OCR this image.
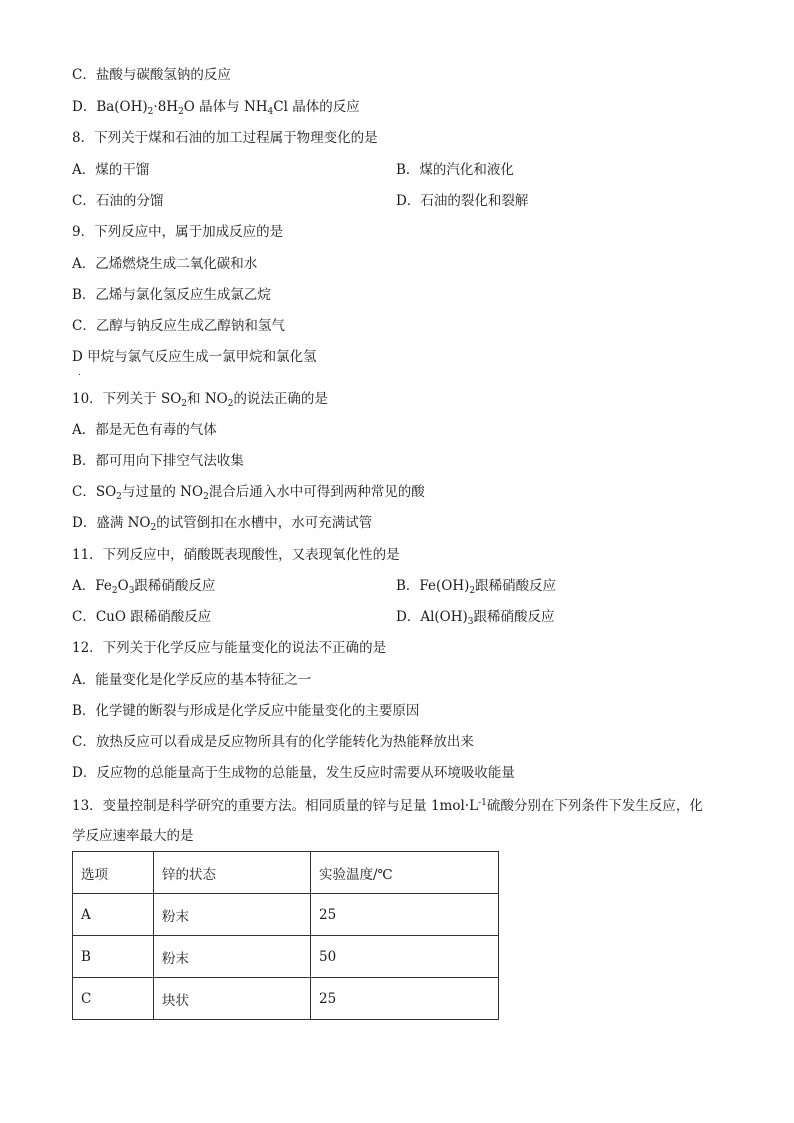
C．盐酸与碳酸氢钠的反应
D．$Ba(OH)_2\cdot 8H_2O$ 晶体与 $NH_4Cl$ 晶体的反应
8．下列关于煤和石油的加工过程属于物理变化的是
A．煤的干馏	B．煤的汽化和液化
C．石油的分馏	D．石油的裂化和裂解
9．下列反应中，属于加成反应的是
A．乙烯燃烧生成二氧化碳和水
B．乙烯与氯化氢反应生成氯乙烷
C．乙醇与钠反应生成乙醇钠和氢气
D 甲烷与氯气反应生成一氯甲烷和氯化氢
.
10．下列关于 $SO_2$和 $NO_2$的说法正确的是
A．都是无色有毒的气体
B．都可用向下排空气法收集
C．$SO_2$与过量的 $NO_2$混合后通入水中可得到两种常见的酸
D．盛满 $NO_2$的试管倒扣在水槽中，水可充满试管
11．下列反应中，硝酸既表现酸性，又表现氧化性的是
A．$Fe_2O_3$跟稀硝酸反应	B．$Fe(OH)_2$跟稀硝酸反应
C．CuO 跟稀硝酸反应	D．$Al(OH)_3$跟稀硝酸反应
12．下列关于化学反应与能量变化的说法不正确的是
A．能量变化是化学反应的基本特征之一
B．化学键的断裂与形成是化学反应中能量变化的主要原因
C．放热反应可以看成是反应物所具有的化学能转化为热能释放出来
D．反应物的总能量高于生成物的总能量，发生反应时需要从环境吸收能量
13．变量控制是科学研究的重要方法。相同质量的锌与足量 $1mol\cdot L^{-1}$硫酸分别在下列条件下发生反应，化
学反应速率最大的是
选项	锌的状态	实验温度/℃
A	粉末	25
B	粉末	50
C	块状	25
